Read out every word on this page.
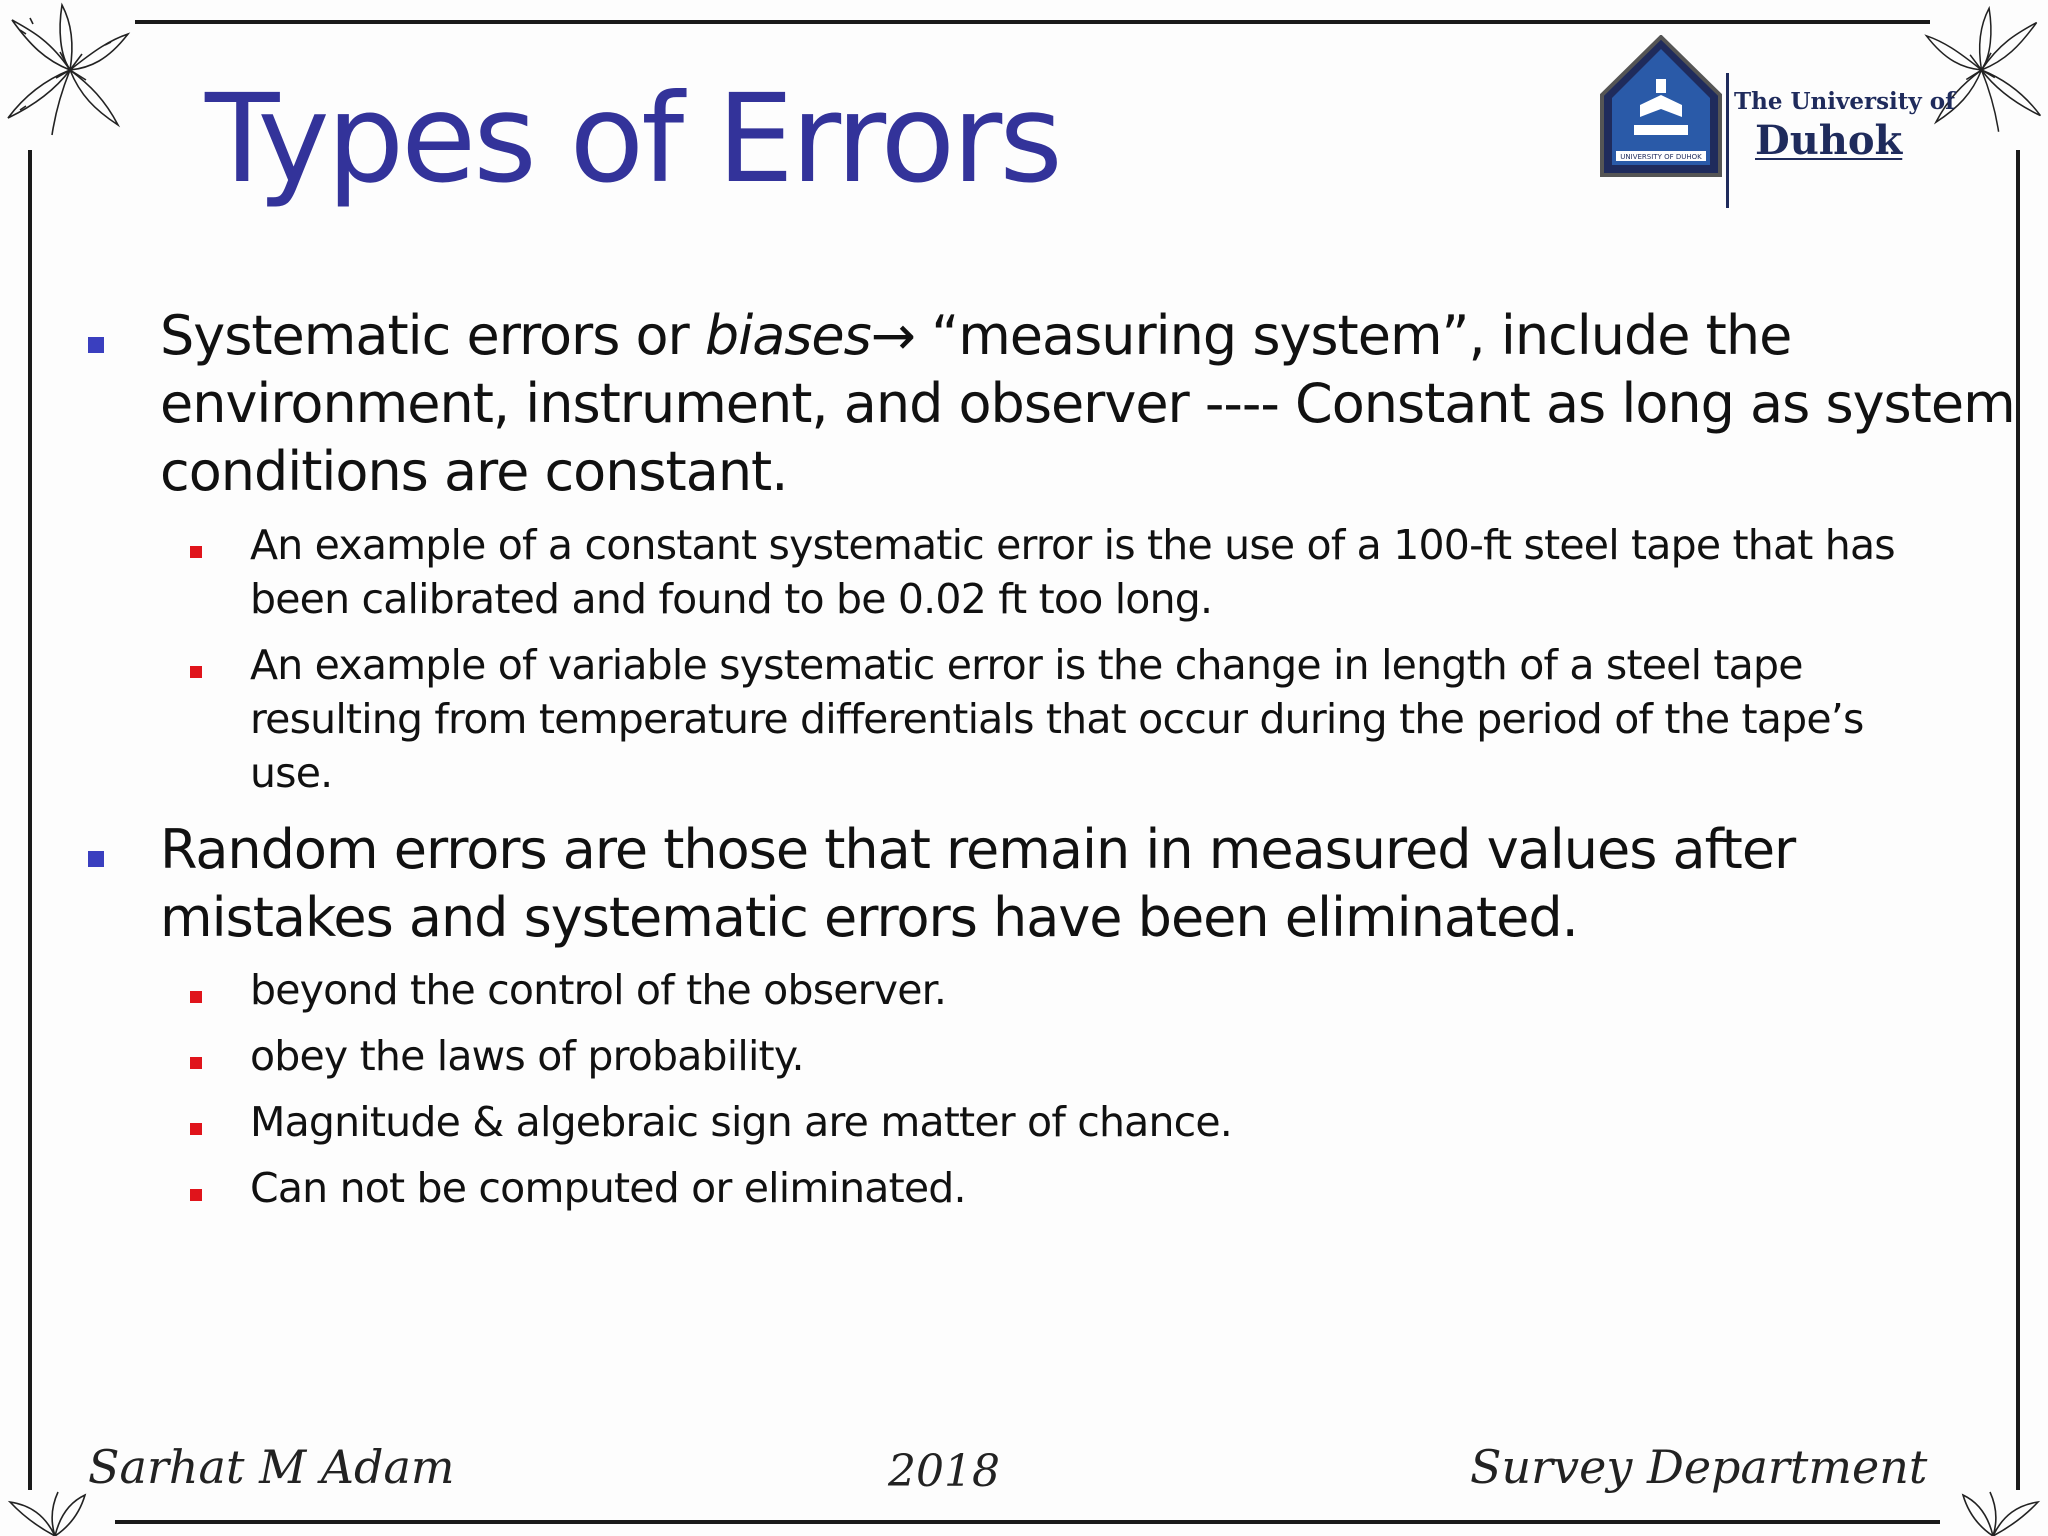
Types of Errors	UNIVERSITY OF DUHOK
The University of
Duhok
Systematic errors or biases→ “measuring system”, include the
environment, instrument, and observer ---- Constant as long as system
conditions are constant.
An example of a constant systematic error is the use of a 100-ft steel tape that has
been calibrated and found to be 0.02 ft too long.
An example of variable systematic error is the change in length of a steel tape
resulting from temperature differentials that occur during the period of the tape’s
use.
Random errors are those that remain in measured values after
mistakes and systematic errors have been eliminated.
beyond the control of the observer.
obey the laws of probability.
Magnitude & algebraic sign are matter of chance.
Can not be computed or eliminated.
Sarhat M Adam	2018	Survey Department
